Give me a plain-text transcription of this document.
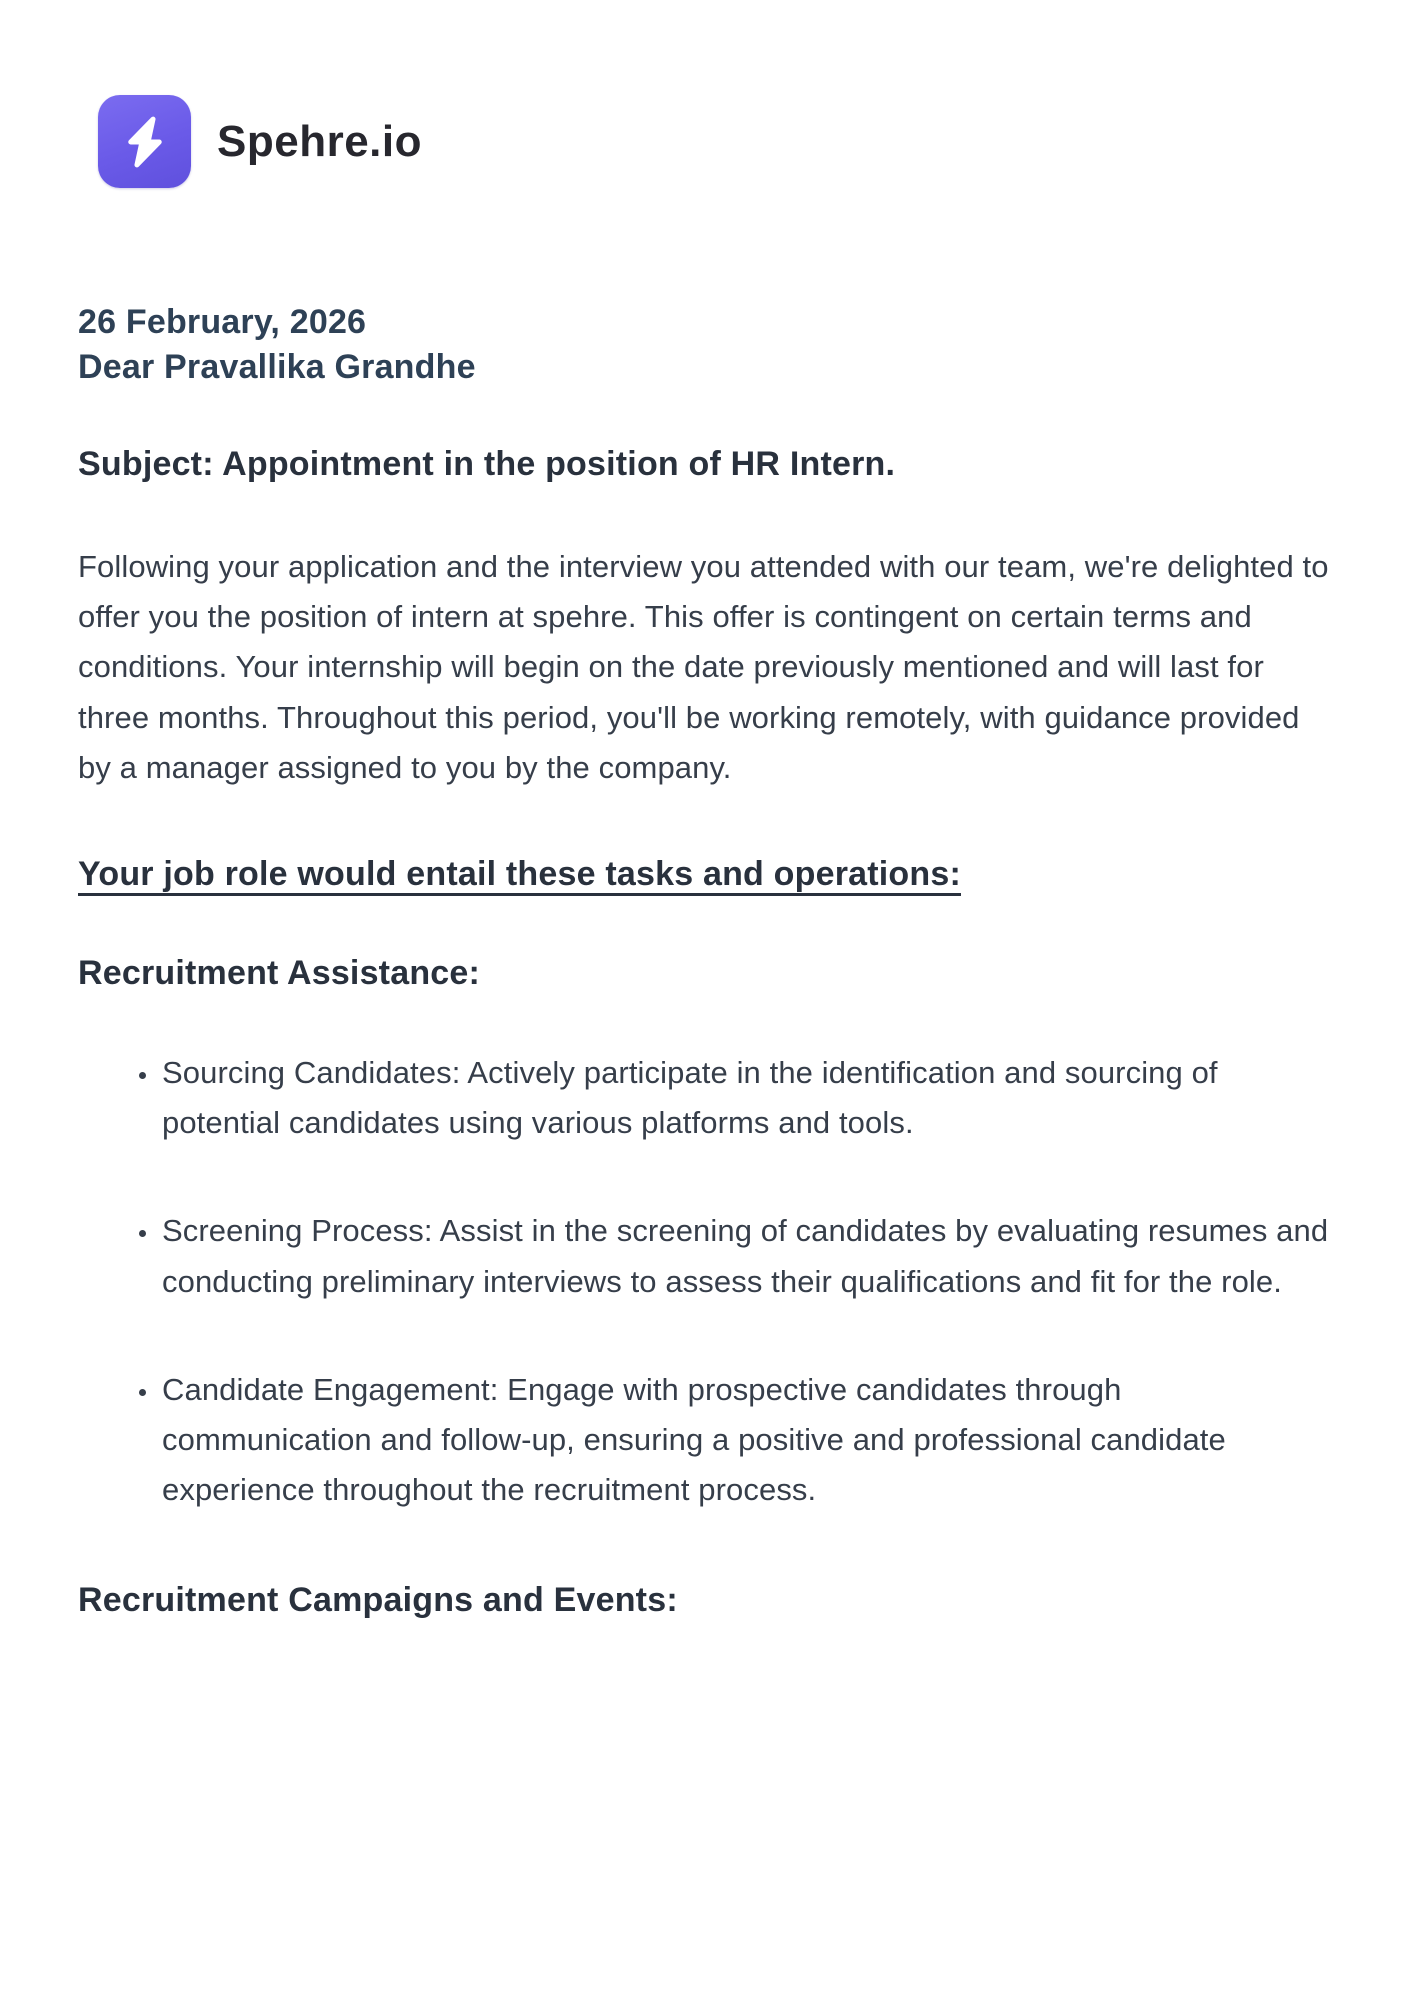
Spehre.io
26 February, 2026
Dear Pravallika Grandhe
Subject: Appointment in the position of HR Intern.

Following your application and the interview you attended with our team, we're delighted to offer you the position of intern at spehre. This offer is contingent on certain terms and conditions. Your internship will begin on the date previously mentioned and will last for three months. Throughout this period, you'll be working remotely, with guidance provided by a manager assigned to you by the company.

Your job role would entail these tasks and operations:
Recruitment Assistance:
• Sourcing Candidates: Actively participate in the identification and sourcing of potential candidates using various platforms and tools.
• Screening Process: Assist in the screening of candidates by evaluating resumes and conducting preliminary interviews to assess their qualifications and fit for the role.
• Candidate Engagement: Engage with prospective candidates through communication and follow-up, ensuring a positive and professional candidate experience throughout the recruitment process.
Recruitment Campaigns and Events:
